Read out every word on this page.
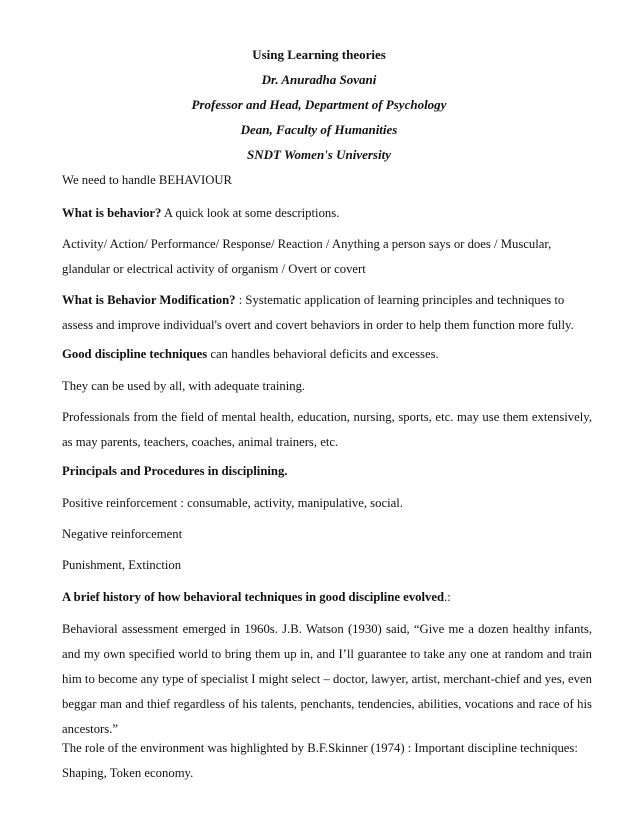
Using Learning theories
Dr. Anuradha Sovani
Professor and Head, Department of Psychology
Dean, Faculty of Humanities
SNDT Women's University
We need to handle BEHAVIOUR
What is behavior? A quick look at some descriptions.
Activity/ Action/ Performance/ Response/ Reaction / Anything a person says or does / Muscular, glandular or electrical activity of organism / Overt or covert
What is Behavior Modification? : Systematic application of learning principles and techniques to assess and improve individual's overt and covert behaviors in order to help them function more fully.
Good discipline techniques can handles behavioral deficits and excesses.
They can be used by all, with adequate training.
Professionals from the field of mental health, education, nursing, sports, etc. may use them extensively, as may parents, teachers, coaches, animal trainers, etc.
Principals and Procedures in disciplining.
Positive reinforcement : consumable, activity, manipulative, social.
Negative reinforcement
Punishment, Extinction
A brief history of how behavioral techniques in good discipline evolved.:
Behavioral assessment emerged in 1960s. J.B. Watson (1930) said, “Give me a dozen healthy infants, and my own specified world to bring them up in, and I’ll guarantee to take any one at random and train him to become any type of specialist I might select – doctor, lawyer, artist, merchant-chief and yes, even beggar man and thief regardless of his talents, penchants, tendencies, abilities, vocations and race of his ancestors.”
The role of the environment was highlighted by B.F.Skinner (1974) : Important discipline techniques: Shaping, Token economy.
